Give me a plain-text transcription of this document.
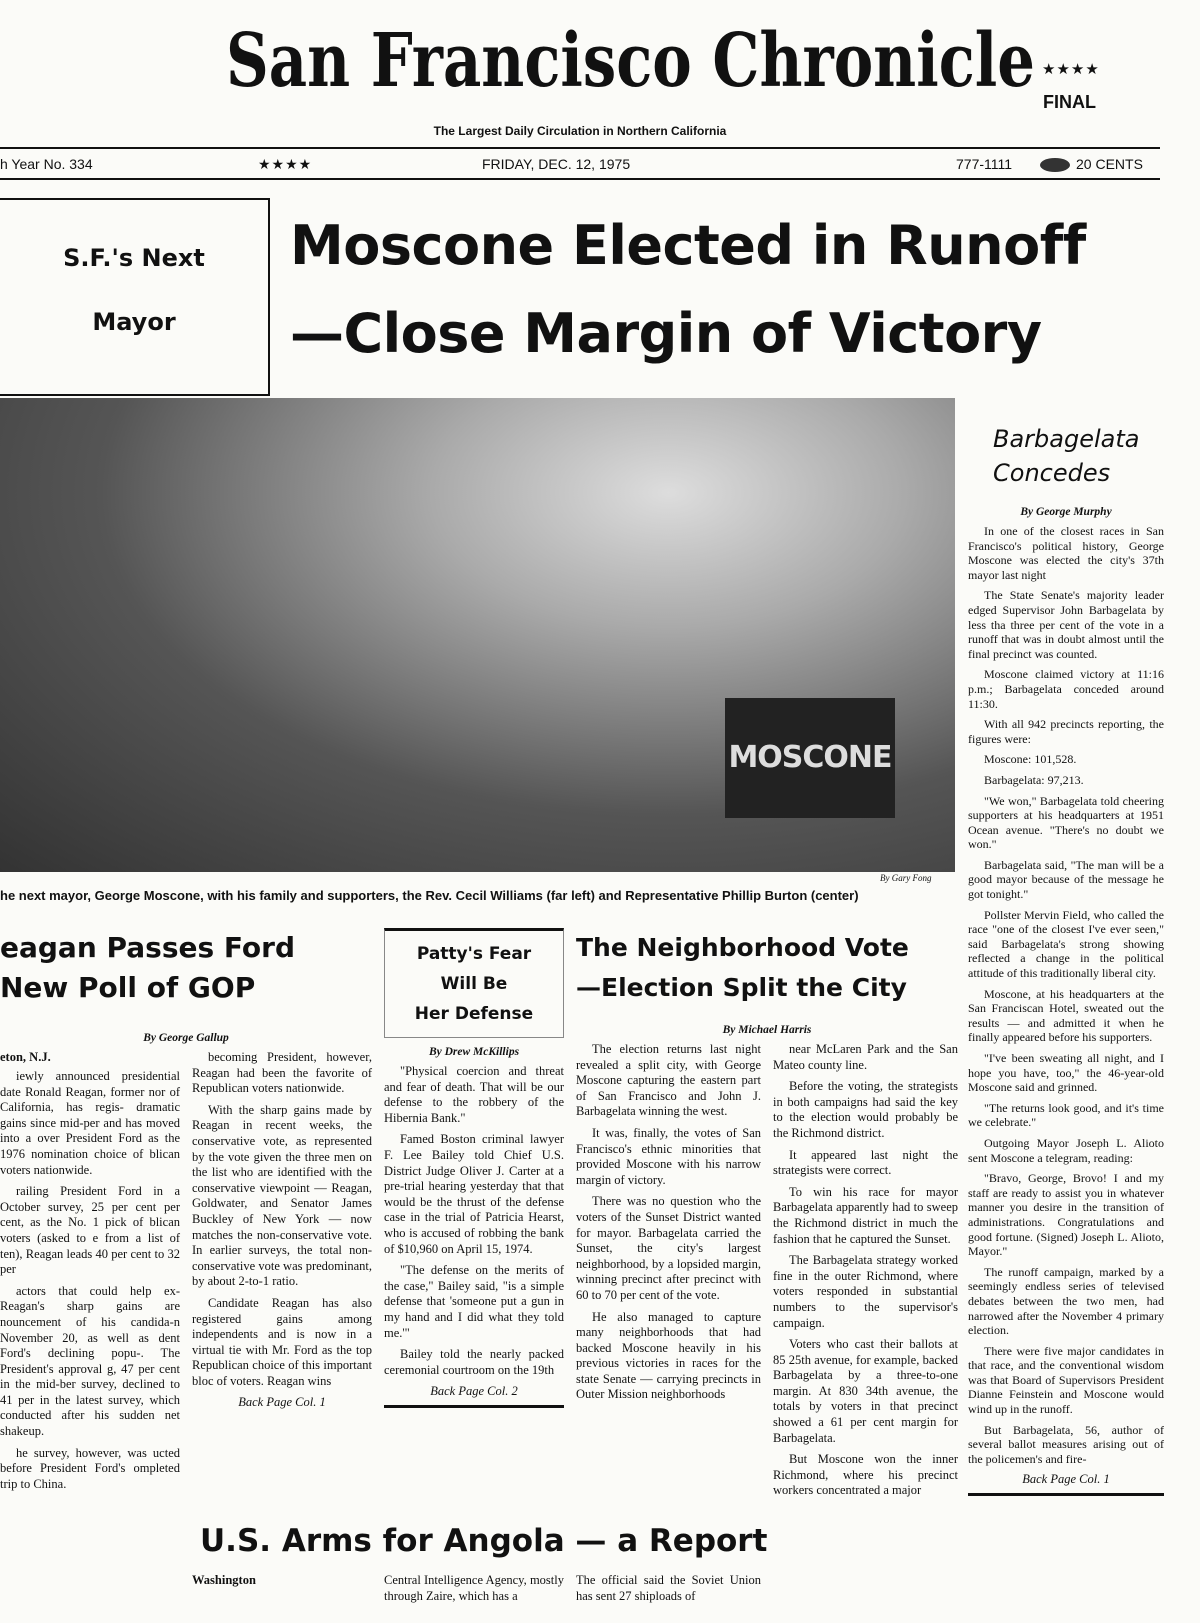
San Francisco Chronicle ★★★★
FINAL
The Largest Daily Circulation in Northern California
h Year No. 334	★★★★	FRIDAY, DEC. 12, 1975	777-1111	20 CENTS
S.F.'s Next
Mayor
Moscone Elected in Runoff
—Close Margin of Victory
MOSCONE
By Gary Fong
he next mayor, George Moscone, with his family and supporters, the Rev. Cecil Williams (far left) and Representative Phillip Burton (center)
Barbagelata
Concedes
By George Murphy

In one of the closest races in San Francisco's political history, George Moscone was elected the city's 37th mayor last night

The State Senate's majority leader edged Supervisor John Barbagelata by less tha three per cent of the vote in a runoff that was in doubt almost until the final precinct was counted.

Moscone claimed victory at 11:16 p.m.; Barbagelata conceded around 11:30.

With all 942 precincts reporting, the figures were:

Moscone: 101,528.

Barbagelata: 97,213.

"We won," Barbagelata told cheering supporters at his headquarters at 1951 Ocean avenue. "There's no doubt we won."

Barbagelata said, "The man will be a good mayor because of the message he got tonight."

Pollster Mervin Field, who called the race "one of the closest I've ever seen," said Barbagelata's strong showing reflected a change in the political attitude of this traditionally liberal city.

Moscone, at his headquarters at the San Franciscan Hotel, sweated out the results — and admitted it when he finally appeared before his supporters.

"I've been sweating all night, and I hope you have, too," the 46-year-old Moscone said and grinned.

"The returns look good, and it's time we celebrate."

Outgoing Mayor Joseph L. Alioto sent Moscone a telegram, reading:

"Bravo, George, Brovo! I and my staff are ready to assist you in whatever manner you desire in the transition of administrations. Congratulations and good fortune. (Signed) Joseph L. Alioto, Mayor."

The runoff campaign, marked by a seemingly endless series of televised debates between the two men, had narrowed after the November 4 primary election.

There were five major candidates in that race, and the conventional wisdom was that Board of Supervisors President Dianne Feinstein and Moscone would wind up in the runoff.

But Barbagelata, 56, author of several ballot measures arising out of the policemen's and fire-

Back Page Col. 1
eagan Passes Ford
New Poll of GOP
By George Gallup
eton, N.J.

iewly announced presidential date Ronald Reagan, former nor of California, has regis- dramatic gains since mid-per and has moved into a over President Ford as the 1976 nomination choice of blican voters nationwide.

railing President Ford in a October survey, 25 per cent per cent, as the No. 1 pick of blican voters (asked to e from a list of ten), Reagan leads 40 per cent to 32 per

actors that could help ex- Reagan's sharp gains are nouncement of his candida-n November 20, as well as dent Ford's declining popu-. The President's approval g, 47 per cent in the mid-ber survey, declined to 41 per in the latest survey, which conducted after his sudden net shakeup.

he survey, however, was ucted before President Ford's ompleted trip to China.

becoming President, however, Reagan had been the favorite of Republican voters nationwide.

With the sharp gains made by Reagan in recent weeks, the conservative vote, as represented by the vote given the three men on the list who are identified with the conservative viewpoint — Reagan, Goldwater, and Senator James Buckley of New York — now matches the non-conservative vote. In earlier surveys, the total non-conservative vote was predominant, by about 2-to-1 ratio.

Candidate Reagan has also registered gains among independents and is now in a virtual tie with Mr. Ford as the top Republican choice of this important bloc of voters. Reagan wins

Back Page Col. 1
Patty's Fear
Will Be
Her Defense
By Drew McKillips

"Physical coercion and threat and fear of death. That will be our defense to the robbery of the Hibernia Bank."

Famed Boston criminal lawyer F. Lee Bailey told Chief U.S. District Judge Oliver J. Carter at a pre-trial hearing yesterday that that would be the thrust of the defense case in the trial of Patricia Hearst, who is accused of robbing the bank of $10,960 on April 15, 1974.

"The defense on the merits of the case," Bailey said, "is a simple defense that 'someone put a gun in my hand and I did what they told me.'"

Bailey told the nearly packed ceremonial courtroom on the 19th

Back Page Col. 2
The Neighborhood Vote
—Election Split the City
By Michael Harris

The election returns last night revealed a split city, with George Moscone capturing the eastern part of San Francisco and John J. Barbagelata winning the west.

It was, finally, the votes of San Francisco's ethnic minorities that provided Moscone with his narrow margin of victory.

There was no question who the voters of the Sunset District wanted for mayor. Barbagelata carried the Sunset, the city's largest neighborhood, by a lopsided margin, winning precinct after precinct with 60 to 70 per cent of the vote.

He also managed to capture many neighborhoods that had backed Moscone heavily in his previous victories in races for the state Senate — carrying precincts in Outer Mission neighborhoods

near McLaren Park and the San Mateo county line.

Before the voting, the strategists in both campaigns had said the key to the election would probably be the Richmond district.

It appeared last night the strategists were correct.

To win his race for mayor Barbagelata apparently had to sweep the Richmond district in much the fashion that he captured the Sunset.

The Barbagelata strategy worked fine in the outer Richmond, where voters responded in substantial numbers to the supervisor's campaign.

Voters who cast their ballots at 85 25th avenue, for example, backed Barbagelata by a three-to-one margin. At 830 34th avenue, the totals by voters in that precinct showed a 61 per cent margin for Barbagelata.

But Moscone won the inner Richmond, where his precinct workers concentrated a major

U.S. Arms for Angola — a Report
Washington	Central Intelligence Agency, mostly through Zaire, which has a
The official said the Soviet Union has sent 27 shiploads of
